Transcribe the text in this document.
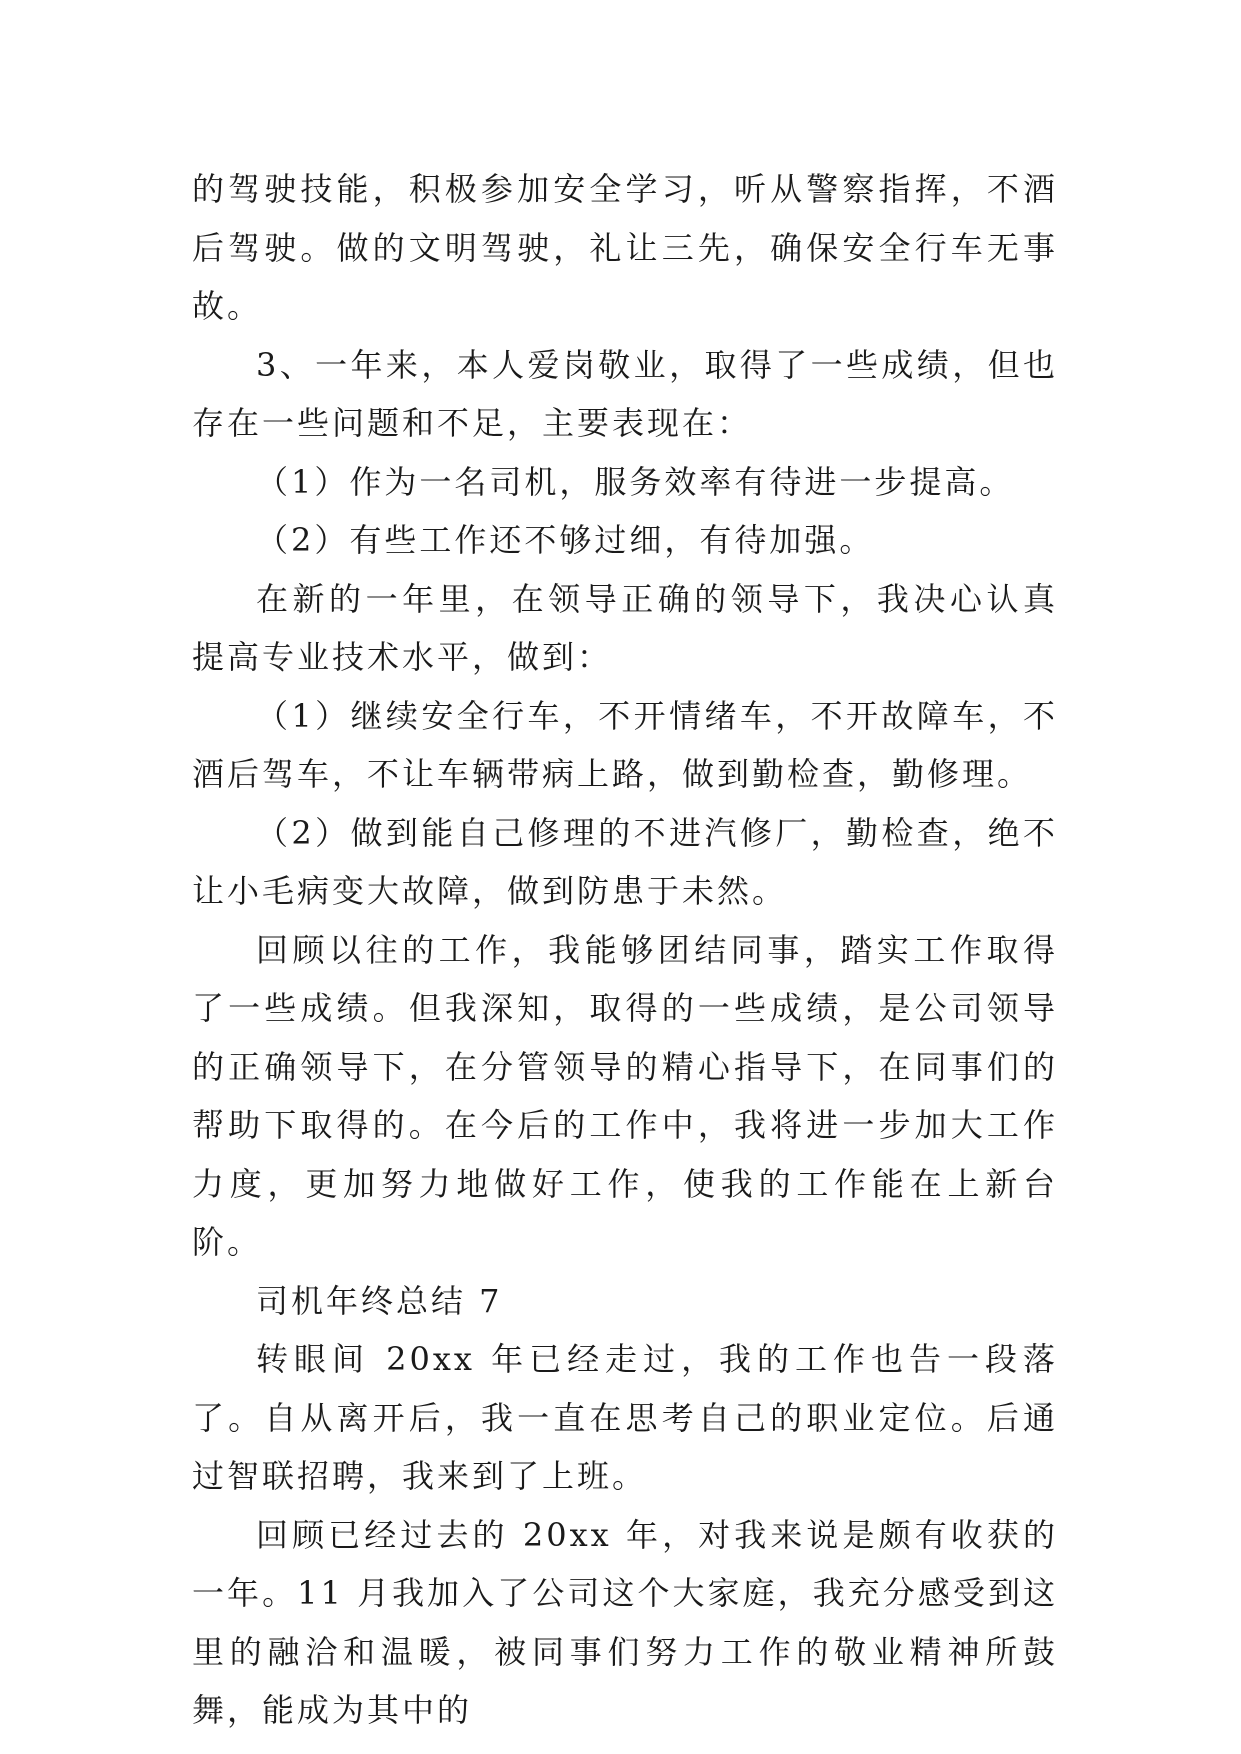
的驾驶技能，积极参加安全学习，听从警察指挥，不酒后驾驶。做的文明驾驶，礼让三先，确保安全行车无事故。

3、一年来，本人爱岗敬业，取得了一些成绩，但也存在一些问题和不足，主要表现在：

（1）作为一名司机，服务效率有待进一步提高。

（2）有些工作还不够过细，有待加强。

在新的一年里，在领导正确的领导下，我决心认真提高专业技术水平，做到：

（1）继续安全行车，不开情绪车，不开故障车，不酒后驾车，不让车辆带病上路，做到勤检查，勤修理。

（2）做到能自己修理的不进汽修厂，勤检查，绝不让小毛病变大故障，做到防患于未然。

回顾以往的工作，我能够团结同事，踏实工作取得了一些成绩。但我深知，取得的一些成绩，是公司领导的正确领导下，在分管领导的精心指导下，在同事们的帮助下取得的。在今后的工作中，我将进一步加大工作力度，更加努力地做好工作，使我的工作能在上新台阶。

司机年终总结 7

转眼间 20xx 年已经走过，我的工作也告一段落了。自从离开后，我一直在思考自己的职业定位。后通过智联招聘，我来到了上班。

回顾已经过去的 20xx 年，对我来说是颇有收获的一年。11 月我加入了公司这个大家庭，我充分感受到这里的融洽和温暖，被同事们努力工作的敬业精神所鼓舞，能成为其中的
